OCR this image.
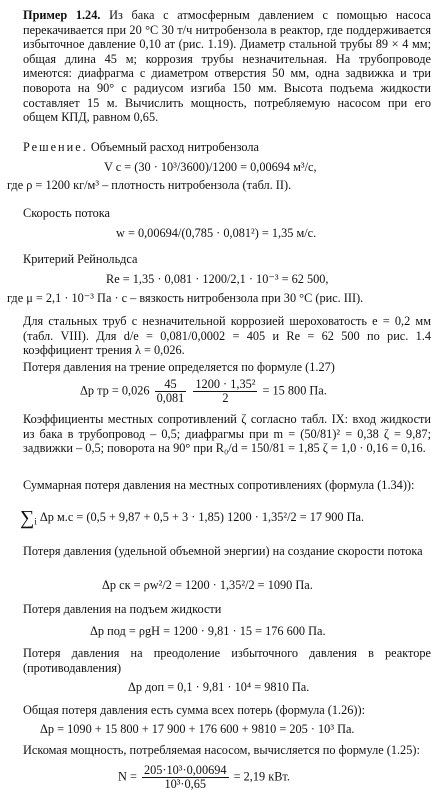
Пример 1.24. Из бака с атмосферным давлением с помощью насоса перекачивается при 20 °С 30 т/ч нитробензола в реактор, где поддерживается избыточное давление 0,10 ат (рис. 1.19). Диаметр стальной трубы 89 × 4 мм; общая длина 45 м; коррозия трубы незначительная. На трубопроводе имеются: диафрагма с диаметром отверстия 50 мм, одна задвижка и три поворота на 90° с радиусом изгиба 150 мм. Высота подъема жидкости составляет 15 м. Вычислить мощность, потребляемую насосом при его общем КПД, равном 0,65.
Решение. Объемный расход нитробензола
V с = (30 · 10³/3600)/1200 = 0,00694 м³/с,
где ρ = 1200 кг/м³ – плотность нитробензола (табл. II).
Скорость потока
w = 0,00694/(0,785 · 0,081²) = 1,35 м/с.
Критерий Рейнольдса
Re = 1,35 · 0,081 · 1200/2,1 · 10⁻³ = 62 500,
где μ = 2,1 · 10⁻³ Па · с – вязкость нитробензола при 30 °С (рис. III).
Для стальных труб с незначительной коррозией шероховатость e = 0,2 мм (табл. VIII). Для d/e = 0,081/0,0002 = 405 и Re = 62 500 по рис. 1.4 коэффициент трения λ = 0,026.
Потеря давления на трение определяется по формуле (1.27)
Δp тр = $0,026 \frac{45}{0,081}$
$\frac{\text{1200 · 1,35²}}{2} = 15$ 800 Па.
Коэффициенты местных сопротивлений ζ согласно табл. IX: вход жидкости из бака в трубопровод – 0,5; диафрагмы при m = (50/81)² = 0,38 ζ = 9,87; задвижки – 0,5; поворота на 90° при R₀/d = 150/81 = 1,85 ζ = 1,0 · 0,16 = 0,16.
Суммарная потеря давления на местных сопротивлениях (формула (1.34)):
$\sum_i$ Δp м.с = (0,5 + 9,87 + 0,5 + 3 · 1,85) 1200 · 1,35²/2 = 17 900 Па.
Потеря давления (удельной объемной энергии) на создание скорости потока
Δp ск = ρw²/2 = 1200 · 1,35²/2 = 1090 Па.
Потеря давления на подъем жидкости
Δp под = ρgH = 1200 · 9,81 · 15 = 176 600 Па.
Потеря давления на преодоление избыточного давления в реакторе (противодавления)
Δp доп = 0,1 · 9,81 · 10⁴ = 9810 Па.
Общая потеря давления есть сумма всех потерь (формула (1.26)):
Δp = 1090 + 15 800 + 17 900 + 176 600 + 9810 = 205 · 10³ Па.
Искомая мощность, потребляемая насосом, вычисляется по формуле (1.25):
$N = \frac{\text{205·10³·0,00694}}{\text{10³·0,65}} = 2,19$ кВт.
